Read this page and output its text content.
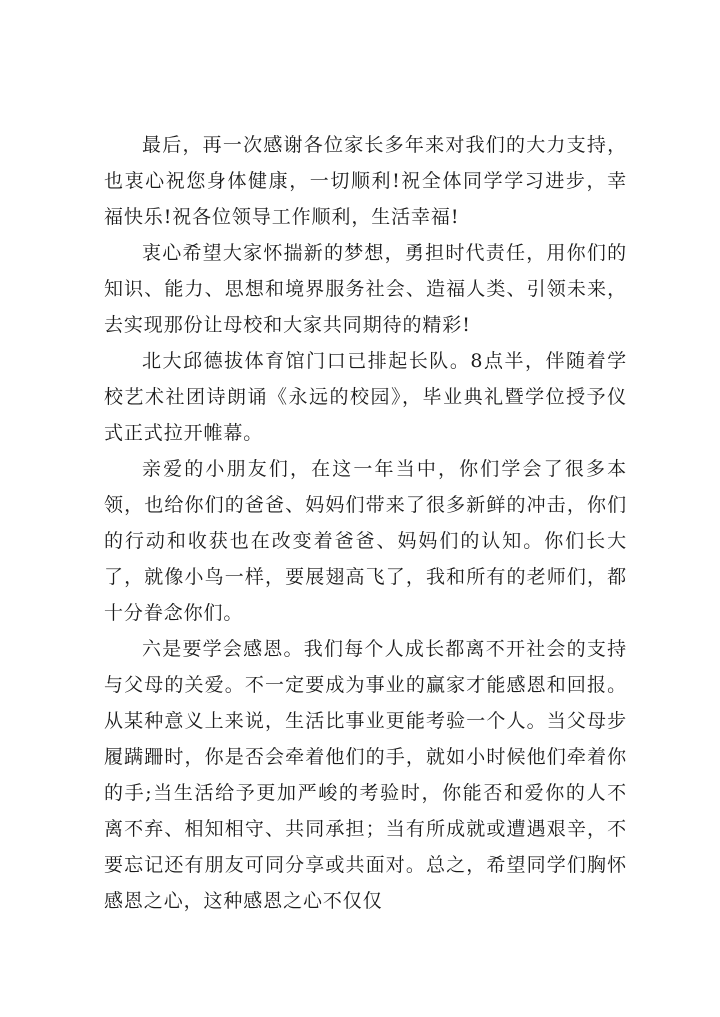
最后，再一次感谢各位家长多年来对我们的大力支持，也衷心祝您身体健康，一切顺利!祝全体同学学习进步，幸福快乐!祝各位领导工作顺利，生活幸福!

衷心希望大家怀揣新的梦想，勇担时代责任，用你们的知识、能力、思想和境界服务社会、造福人类、引领未来，去实现那份让母校和大家共同期待的精彩!

北大邱德拔体育馆门口已排起长队。8点半，伴随着学校艺术社团诗朗诵《永远的校园》，毕业典礼暨学位授予仪式正式拉开帷幕。

亲爱的小朋友们，在这一年当中，你们学会了很多本领，也给你们的爸爸、妈妈们带来了很多新鲜的冲击，你们的行动和收获也在改变着爸爸、妈妈们的认知。你们长大了，就像小鸟一样，要展翅高飞了，我和所有的老师们，都十分眷念你们。

六是要学会感恩。我们每个人成长都离不开社会的支持与父母的关爱。不一定要成为事业的赢家才能感恩和回报。从某种意义上来说，生活比事业更能考验一个人。当父母步履蹒跚时，你是否会牵着他们的手，就如小时候他们牵着你的手;当生活给予更加严峻的考验时，你能否和爱你的人不离不弃、相知相守、共同承担；当有所成就或遭遇艰辛，不要忘记还有朋友可同分享或共面对。总之，希望同学们胸怀感恩之心，这种感恩之心不仅仅
